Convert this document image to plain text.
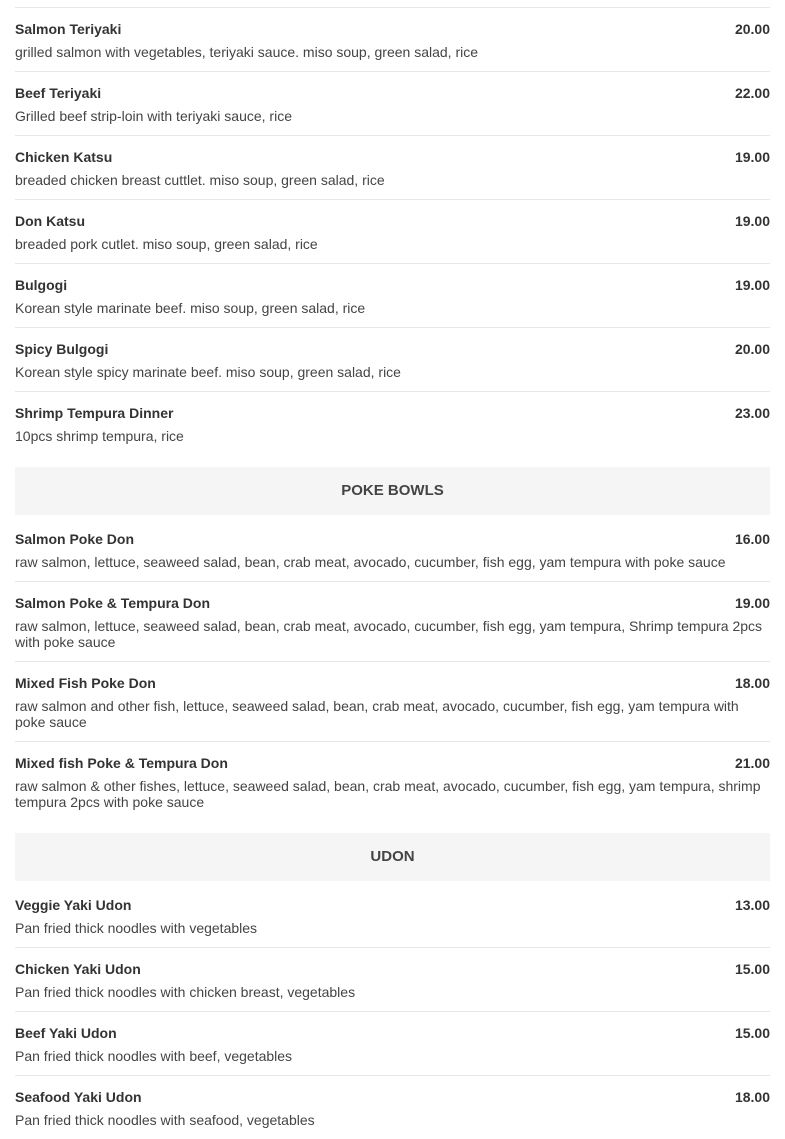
Salmon Teriyaki	20.00
grilled salmon with vegetables, teriyaki sauce. miso soup, green salad, rice
Beef Teriyaki	22.00
Grilled beef strip-loin with teriyaki sauce, rice
Chicken Katsu	19.00
breaded chicken breast cuttlet. miso soup, green salad, rice
Don Katsu	19.00
breaded pork cutlet. miso soup, green salad, rice
Bulgogi	19.00
Korean style marinate beef. miso soup, green salad, rice
Spicy Bulgogi	20.00
Korean style spicy marinate beef. miso soup, green salad, rice
Shrimp Tempura Dinner	23.00
10pcs shrimp tempura, rice
POKE BOWLS
Salmon Poke Don	16.00
raw salmon, lettuce, seaweed salad, bean, crab meat, avocado, cucumber, fish egg, yam tempura with poke sauce
Salmon Poke & Tempura Don	19.00
raw salmon, lettuce, seaweed salad, bean, crab meat, avocado, cucumber, fish egg, yam tempura, Shrimp tempura 2pcs with poke sauce
Mixed Fish Poke Don	18.00
raw salmon and other fish, lettuce, seaweed salad, bean, crab meat, avocado, cucumber, fish egg, yam tempura with poke sauce
Mixed fish Poke & Tempura Don	21.00
raw salmon & other fishes, lettuce, seaweed salad, bean, crab meat, avocado, cucumber, fish egg, yam tempura, shrimp tempura 2pcs with poke sauce
UDON
Veggie Yaki Udon	13.00
Pan fried thick noodles with vegetables
Chicken Yaki Udon	15.00
Pan fried thick noodles with chicken breast, vegetables
Beef Yaki Udon	15.00
Pan fried thick noodles with beef, vegetables
Seafood Yaki Udon	18.00
Pan fried thick noodles with seafood, vegetables
